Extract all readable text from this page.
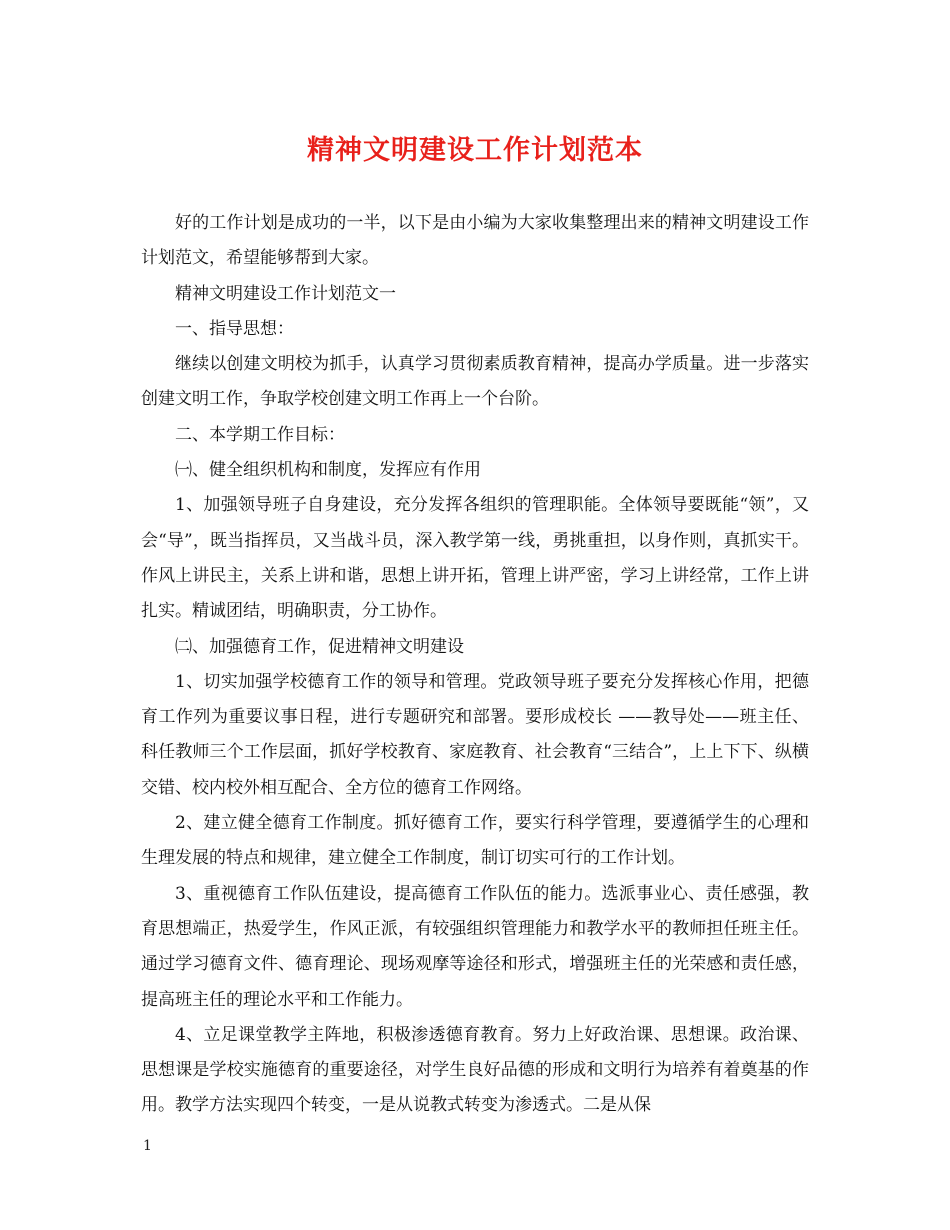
精神文明建设工作计划范本

好的工作计划是成功的一半，以下是由小编为大家收集整理出来的精神文明建设工作计划范文，希望能够帮到大家。

精神文明建设工作计划范文一

一、指导思想：

继续以创建文明校为抓手，认真学习贯彻素质教育精神，提高办学质量。进一步落实创建文明工作，争取学校创建文明工作再上一个台阶。

二、本学期工作目标：

㈠、健全组织机构和制度，发挥应有作用

1、加强领导班子自身建设，充分发挥各组织的管理职能。全体领导要既能“领”，又会“导”，既当指挥员，又当战斗员，深入教学第一线，勇挑重担，以身作则，真抓实干。作风上讲民主，关系上讲和谐，思想上讲开拓，管理上讲严密，学习上讲经常，工作上讲扎实。精诚团结，明确职责，分工协作。

㈡、加强德育工作，促进精神文明建设

1、切实加强学校德育工作的领导和管理。党政领导班子要充分发挥核心作用，把德育工作列为重要议事日程，进行专题研究和部署。要形成校长 ——教导处——班主任、科任教师三个工作层面，抓好学校教育、家庭教育、社会教育“三结合”，上上下下、纵横交错、校内校外相互配合、全方位的德育工作网络。

2、建立健全德育工作制度。抓好德育工作，要实行科学管理，要遵循学生的心理和生理发展的特点和规律，建立健全工作制度，制订切实可行的工作计划。

3、重视德育工作队伍建设，提高德育工作队伍的能力。选派事业心、责任感强，教育思想端正，热爱学生，作风正派，有较强组织管理能力和教学水平的教师担任班主任。通过学习德育文件、德育理论、现场观摩等途径和形式，增强班主任的光荣感和责任感，提高班主任的理论水平和工作能力。

4、立足课堂教学主阵地，积极渗透德育教育。努力上好政治课、思想课。政治课、思想课是学校实施德育的重要途径，对学生良好品德的形成和文明行为培养有着奠基的作用。教学方法实现四个转变，一是从说教式转变为渗透式。二是从保

1
